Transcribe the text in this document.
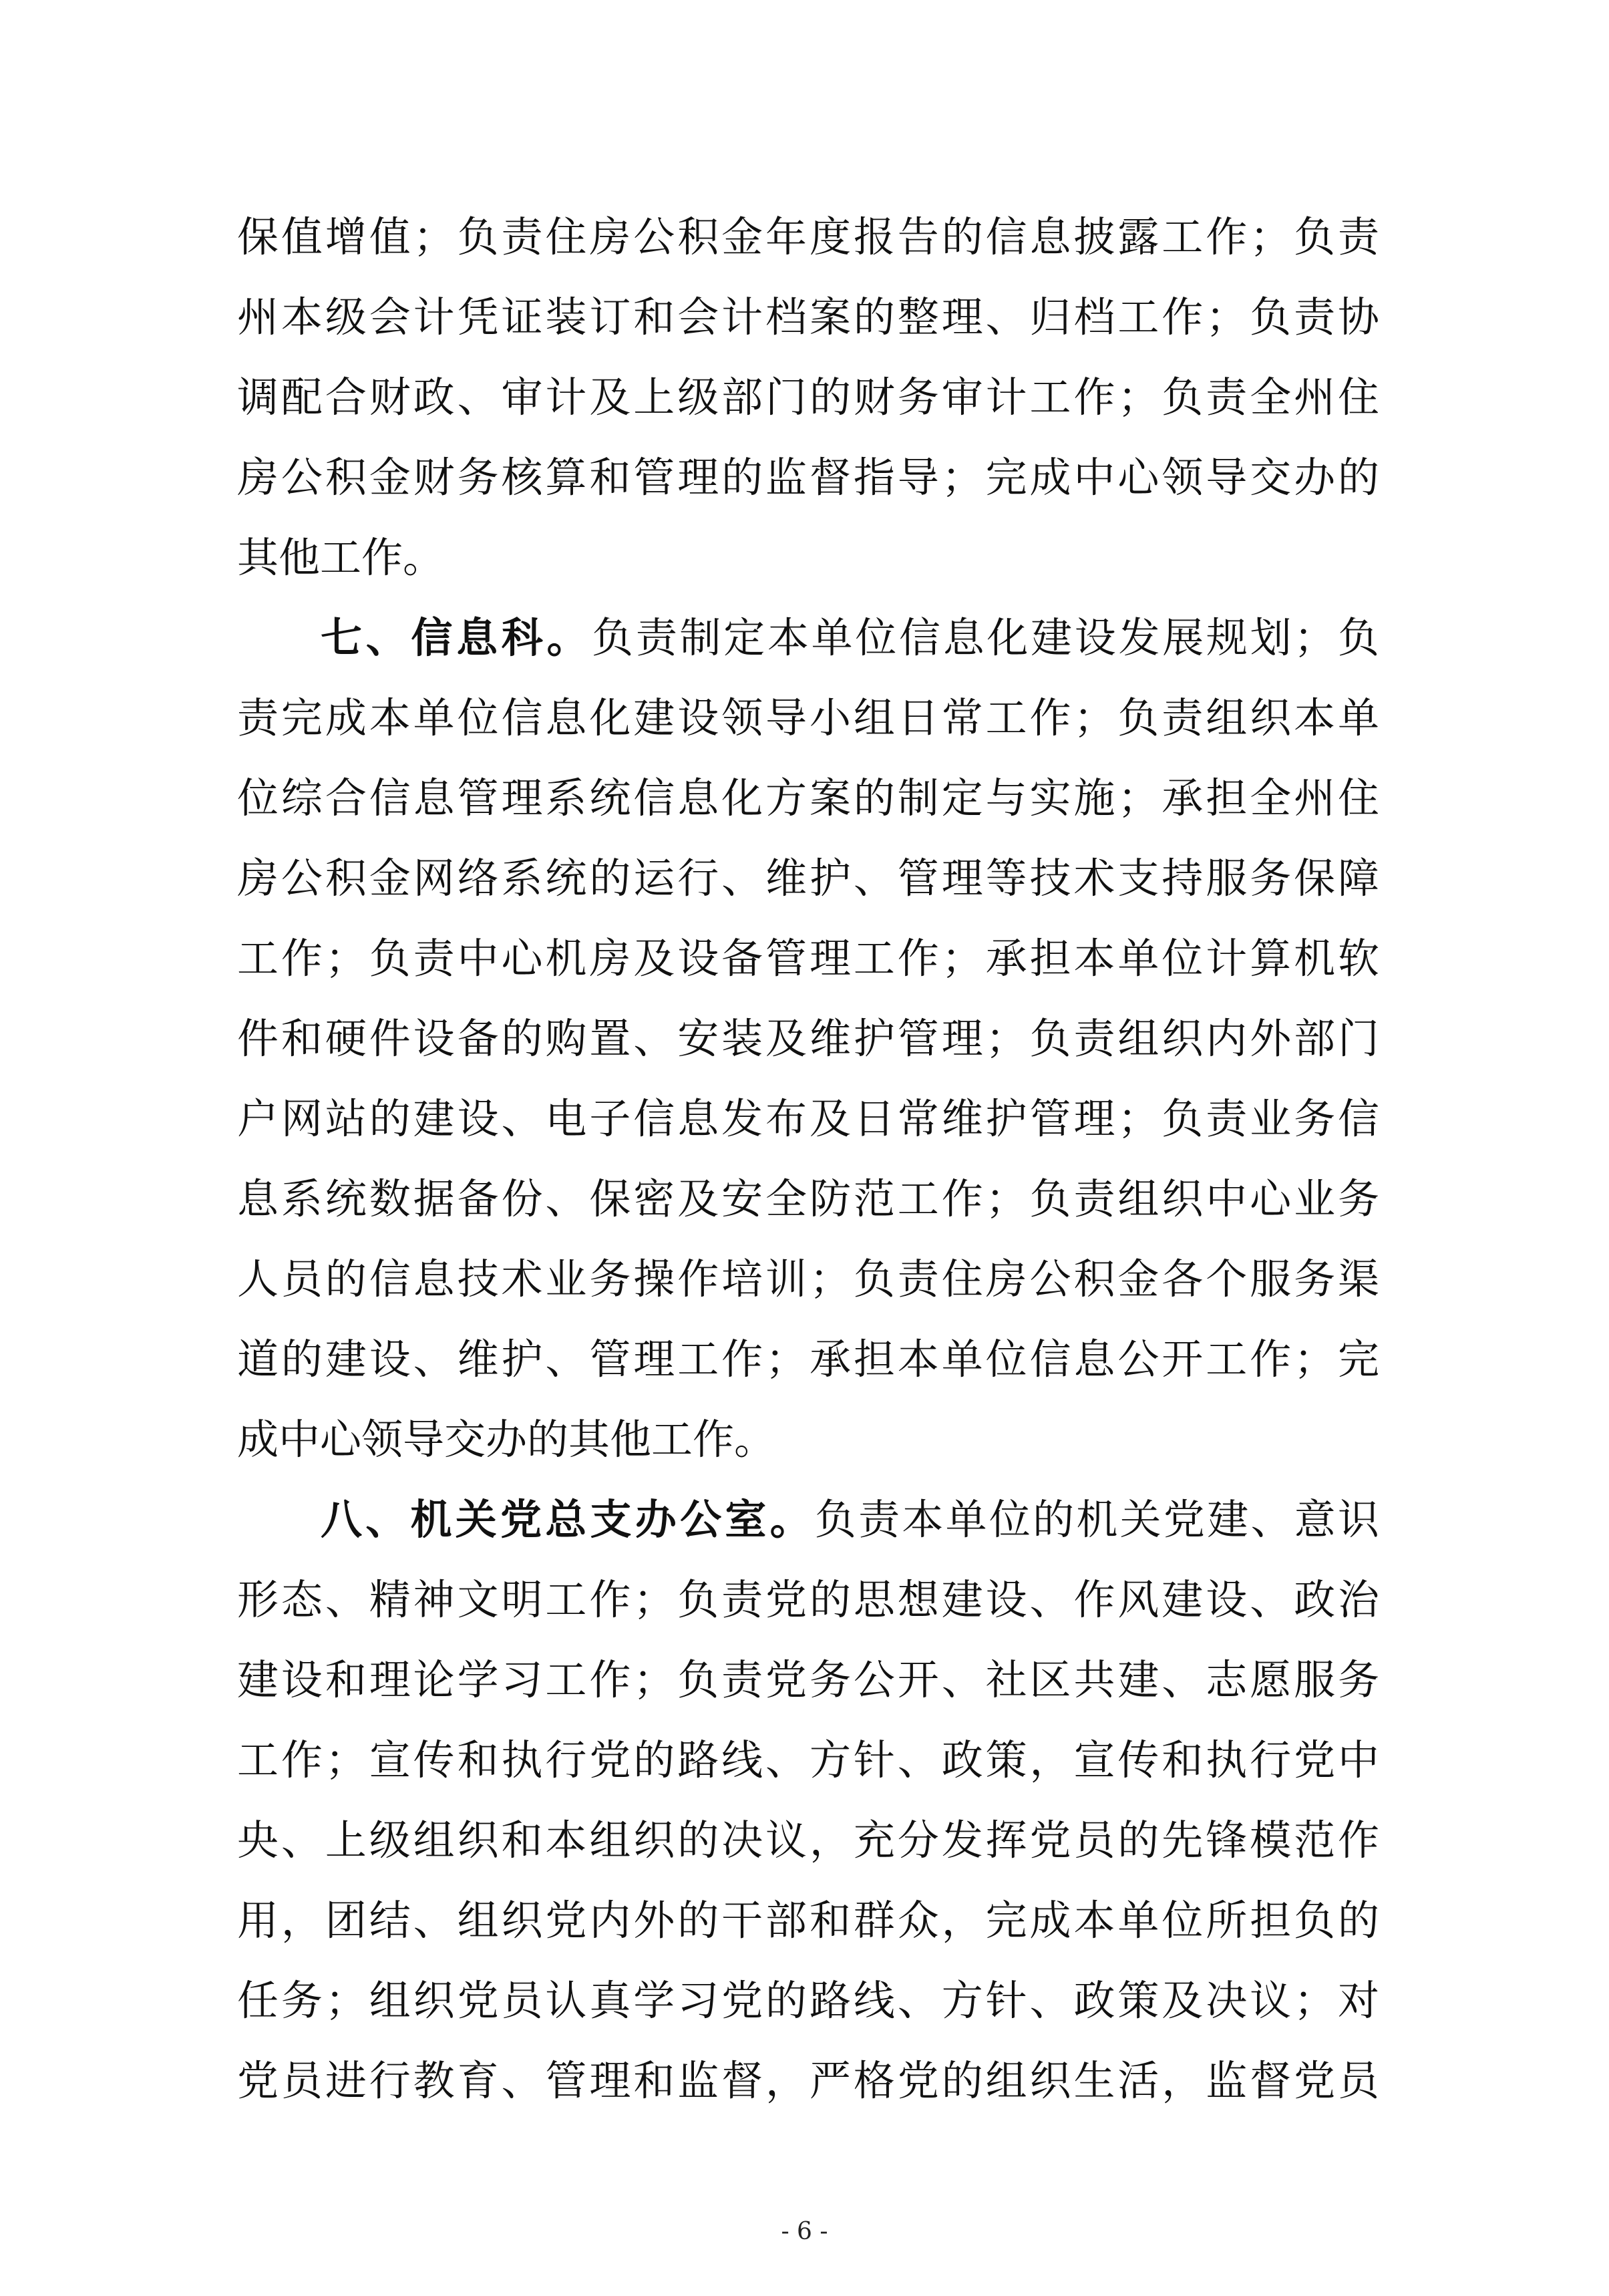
保值增值；负责住房公积金年度报告的信息披露工作；负责
州本级会计凭证装订和会计档案的整理、归档工作；负责协
调配合财政、审计及上级部门的财务审计工作；负责全州住
房公积金财务核算和管理的监督指导；完成中心领导交办的
其他工作。
七、信息科。负责制定本单位信息化建设发展规划；负
责完成本单位信息化建设领导小组日常工作；负责组织本单
位综合信息管理系统信息化方案的制定与实施；承担全州住
房公积金网络系统的运行、维护、管理等技术支持服务保障
工作；负责中心机房及设备管理工作；承担本单位计算机软
件和硬件设备的购置、安装及维护管理；负责组织内外部门
户网站的建设、电子信息发布及日常维护管理；负责业务信
息系统数据备份、保密及安全防范工作；负责组织中心业务
人员的信息技术业务操作培训；负责住房公积金各个服务渠
道的建设、维护、管理工作；承担本单位信息公开工作；完
成中心领导交办的其他工作。
八、机关党总支办公室。负责本单位的机关党建、意识
形态、精神文明工作；负责党的思想建设、作风建设、政治
建设和理论学习工作；负责党务公开、社区共建、志愿服务
工作；宣传和执行党的路线、方针、政策，宣传和执行党中
央、上级组织和本组织的决议，充分发挥党员的先锋模范作
用，团结、组织党内外的干部和群众，完成本单位所担负的
任务；组织党员认真学习党的路线、方针、政策及决议；对
党员进行教育、管理和监督，严格党的组织生活，监督党员
- 6 -
